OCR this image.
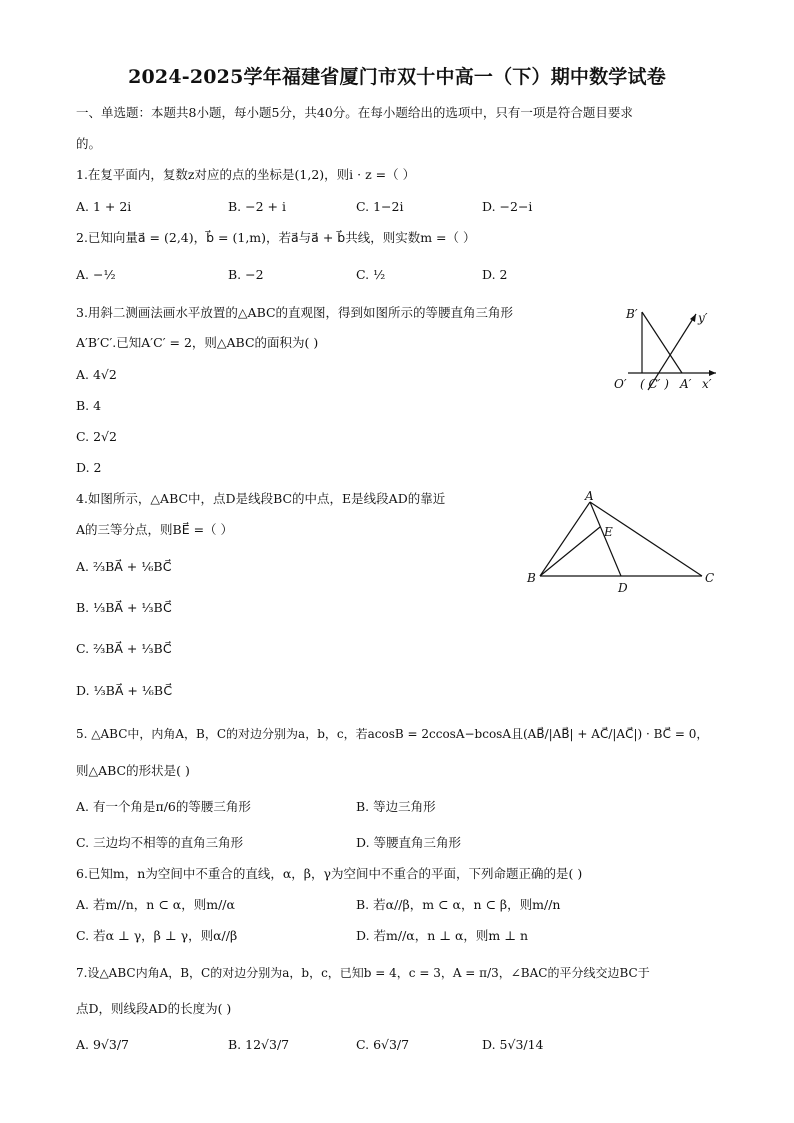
2024-2025学年福建省厦门市双十中高一（下）期中数学试卷
一、单选题：本题共8小题，每小题5分，共40分。在每小题给出的选项中，只有一项是符合题目要求
的。
1.在复平面内，复数z对应的点的坐标是(1,2)，则i · z =（ ）
A. 1 + 2i	B. −2 + i	C. 1−2i	D. −2−i
2.已知向量a⃗ = (2,4)，b⃗ = (1,m)，若a⃗与a⃗ + b⃗共线，则实数m =（ ）
A. −½	B. −2	C. ½	D. 2
3.用斜二测画法画水平放置的△ABC的直观图，得到如图所示的等腰直角三角形
A′B′C′.已知A′C′ = 2，则△ABC的面积为( )
A. 4√2
B. 4
C. 2√2
D. 2
B′	y′
O′ ( C′ ) A′ x′
4.如图所示，△ABC中，点D是线段BC的中点，E是线段AD的靠近
A的三等分点，则BE⃗ =（ ）
A. ⅔BA⃗ + ⅙BC⃗
B. ⅓BA⃗ + ⅓BC⃗
C. ⅔BA⃗ + ⅓BC⃗
D. ⅓BA⃗ + ⅙BC⃗
A
E
B
D
C
5. △ABC中，内角A，B，C的对边分别为a，b，c，若acosB = 2ccosA−bcosA且(AB⃗/|AB⃗| + AC⃗/|AC⃗|) · BC⃗ = 0，
则△ABC的形状是( )
A. 有一个角是π/6的等腰三角形	B. 等边三角形
C. 三边均不相等的直角三角形	D. 等腰直角三角形
6.已知m，n为空间中不重合的直线，α，β，γ为空间中不重合的平面，下列命题正确的是( )
A. 若m//n，n ⊂ α，则m//α	B. 若α//β，m ⊂ α，n ⊂ β，则m//n
C. 若α ⊥ γ，β ⊥ γ，则α//β	D. 若m//α，n ⊥ α，则m ⊥ n
7.设△ABC内角A，B，C的对边分别为a，b，c，已知b = 4，c = 3，A = π/3，∠BAC的平分线交边BC于
点D，则线段AD的长度为( )
A. 9√3/7	B. 12√3/7	C. 6√3/7	D. 5√3/14
